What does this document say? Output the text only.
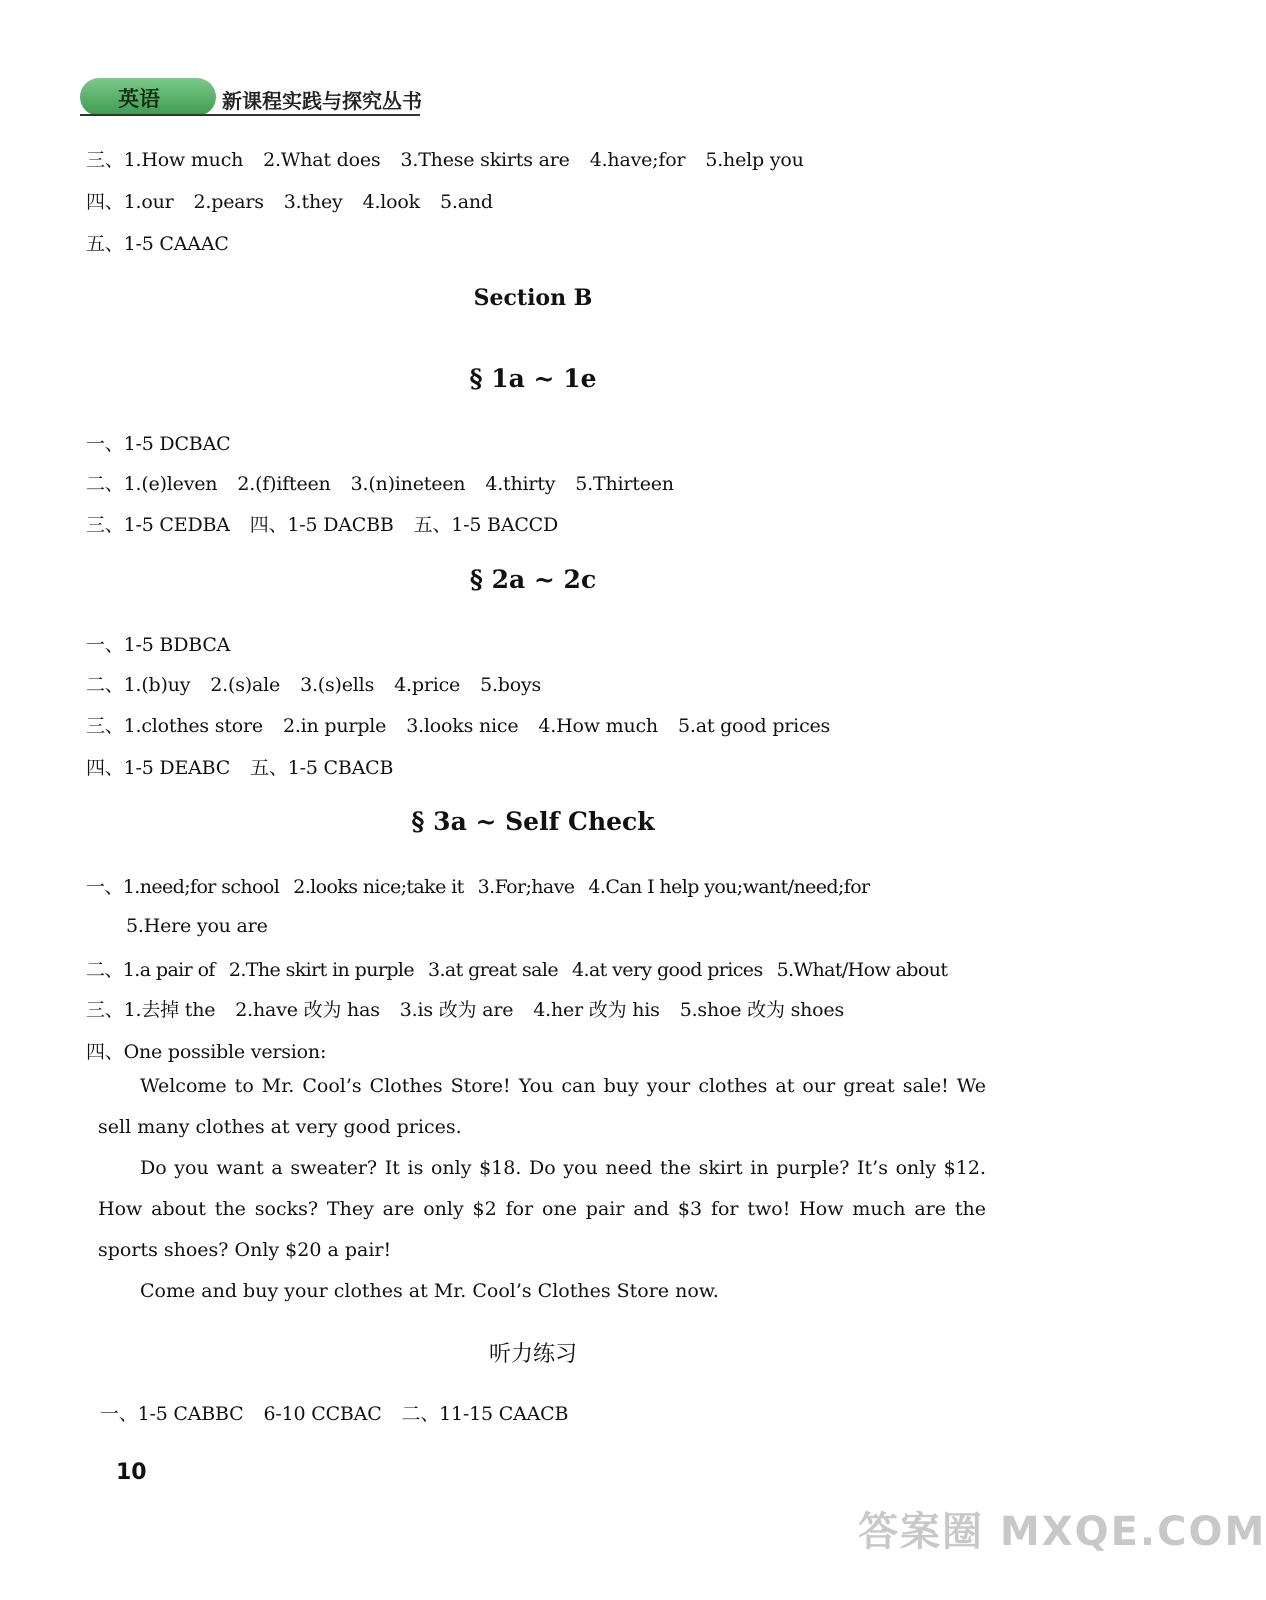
英语	新课程实践与探究丛书
三、1.How much 2.What does 3.These skirts are 4.have;for 5.help you
四、1.our 2.pears 3.they 4.look 5.and
五、1-5 CAAAC
Section B
§ 1a ~ 1e
一、1-5 DCBAC
二、1.(e)leven 2.(f)ifteen 3.(n)ineteen 4.thirty 5.Thirteen
三、1-5 CEDBA 四、1-5 DACBB 五、1-5 BACCD
§ 2a ~ 2c
一、1-5 BDBCA
二、1.(b)uy 2.(s)ale 3.(s)ells 4.price 5.boys
三、1.clothes store 2.in purple 3.looks nice 4.How much 5.at good prices
四、1-5 DEABC 五、1-5 CBACB
§ 3a ~ Self Check
一、1.need;for school 2.looks nice;take it 3.For;have 4.Can I help you;want/need;for
5.Here you are
二、1.a pair of 2.The skirt in purple 3.at great sale 4.at very good prices 5.What/How about
三、1.去掉 the 2.have 改为 has 3.is 改为 are 4.her 改为 his 5.shoe 改为 shoes
四、One possible version:
Welcome to Mr. Cool’s Clothes Store! You can buy your clothes at our great sale! We sell many clothes at very good prices.
Do you want a sweater? It is only $18. Do you need the skirt in purple? It’s only $12. How about the socks? They are only $2 for one pair and $3 for two! How much are the sports shoes? Only $20 a pair!
Come and buy your clothes at Mr. Cool’s Clothes Store now.
听力练习
一、1-5 CABBC 6-10 CCBAC 二、11-15 CAACB
10
答案圈 MXQE.COM
